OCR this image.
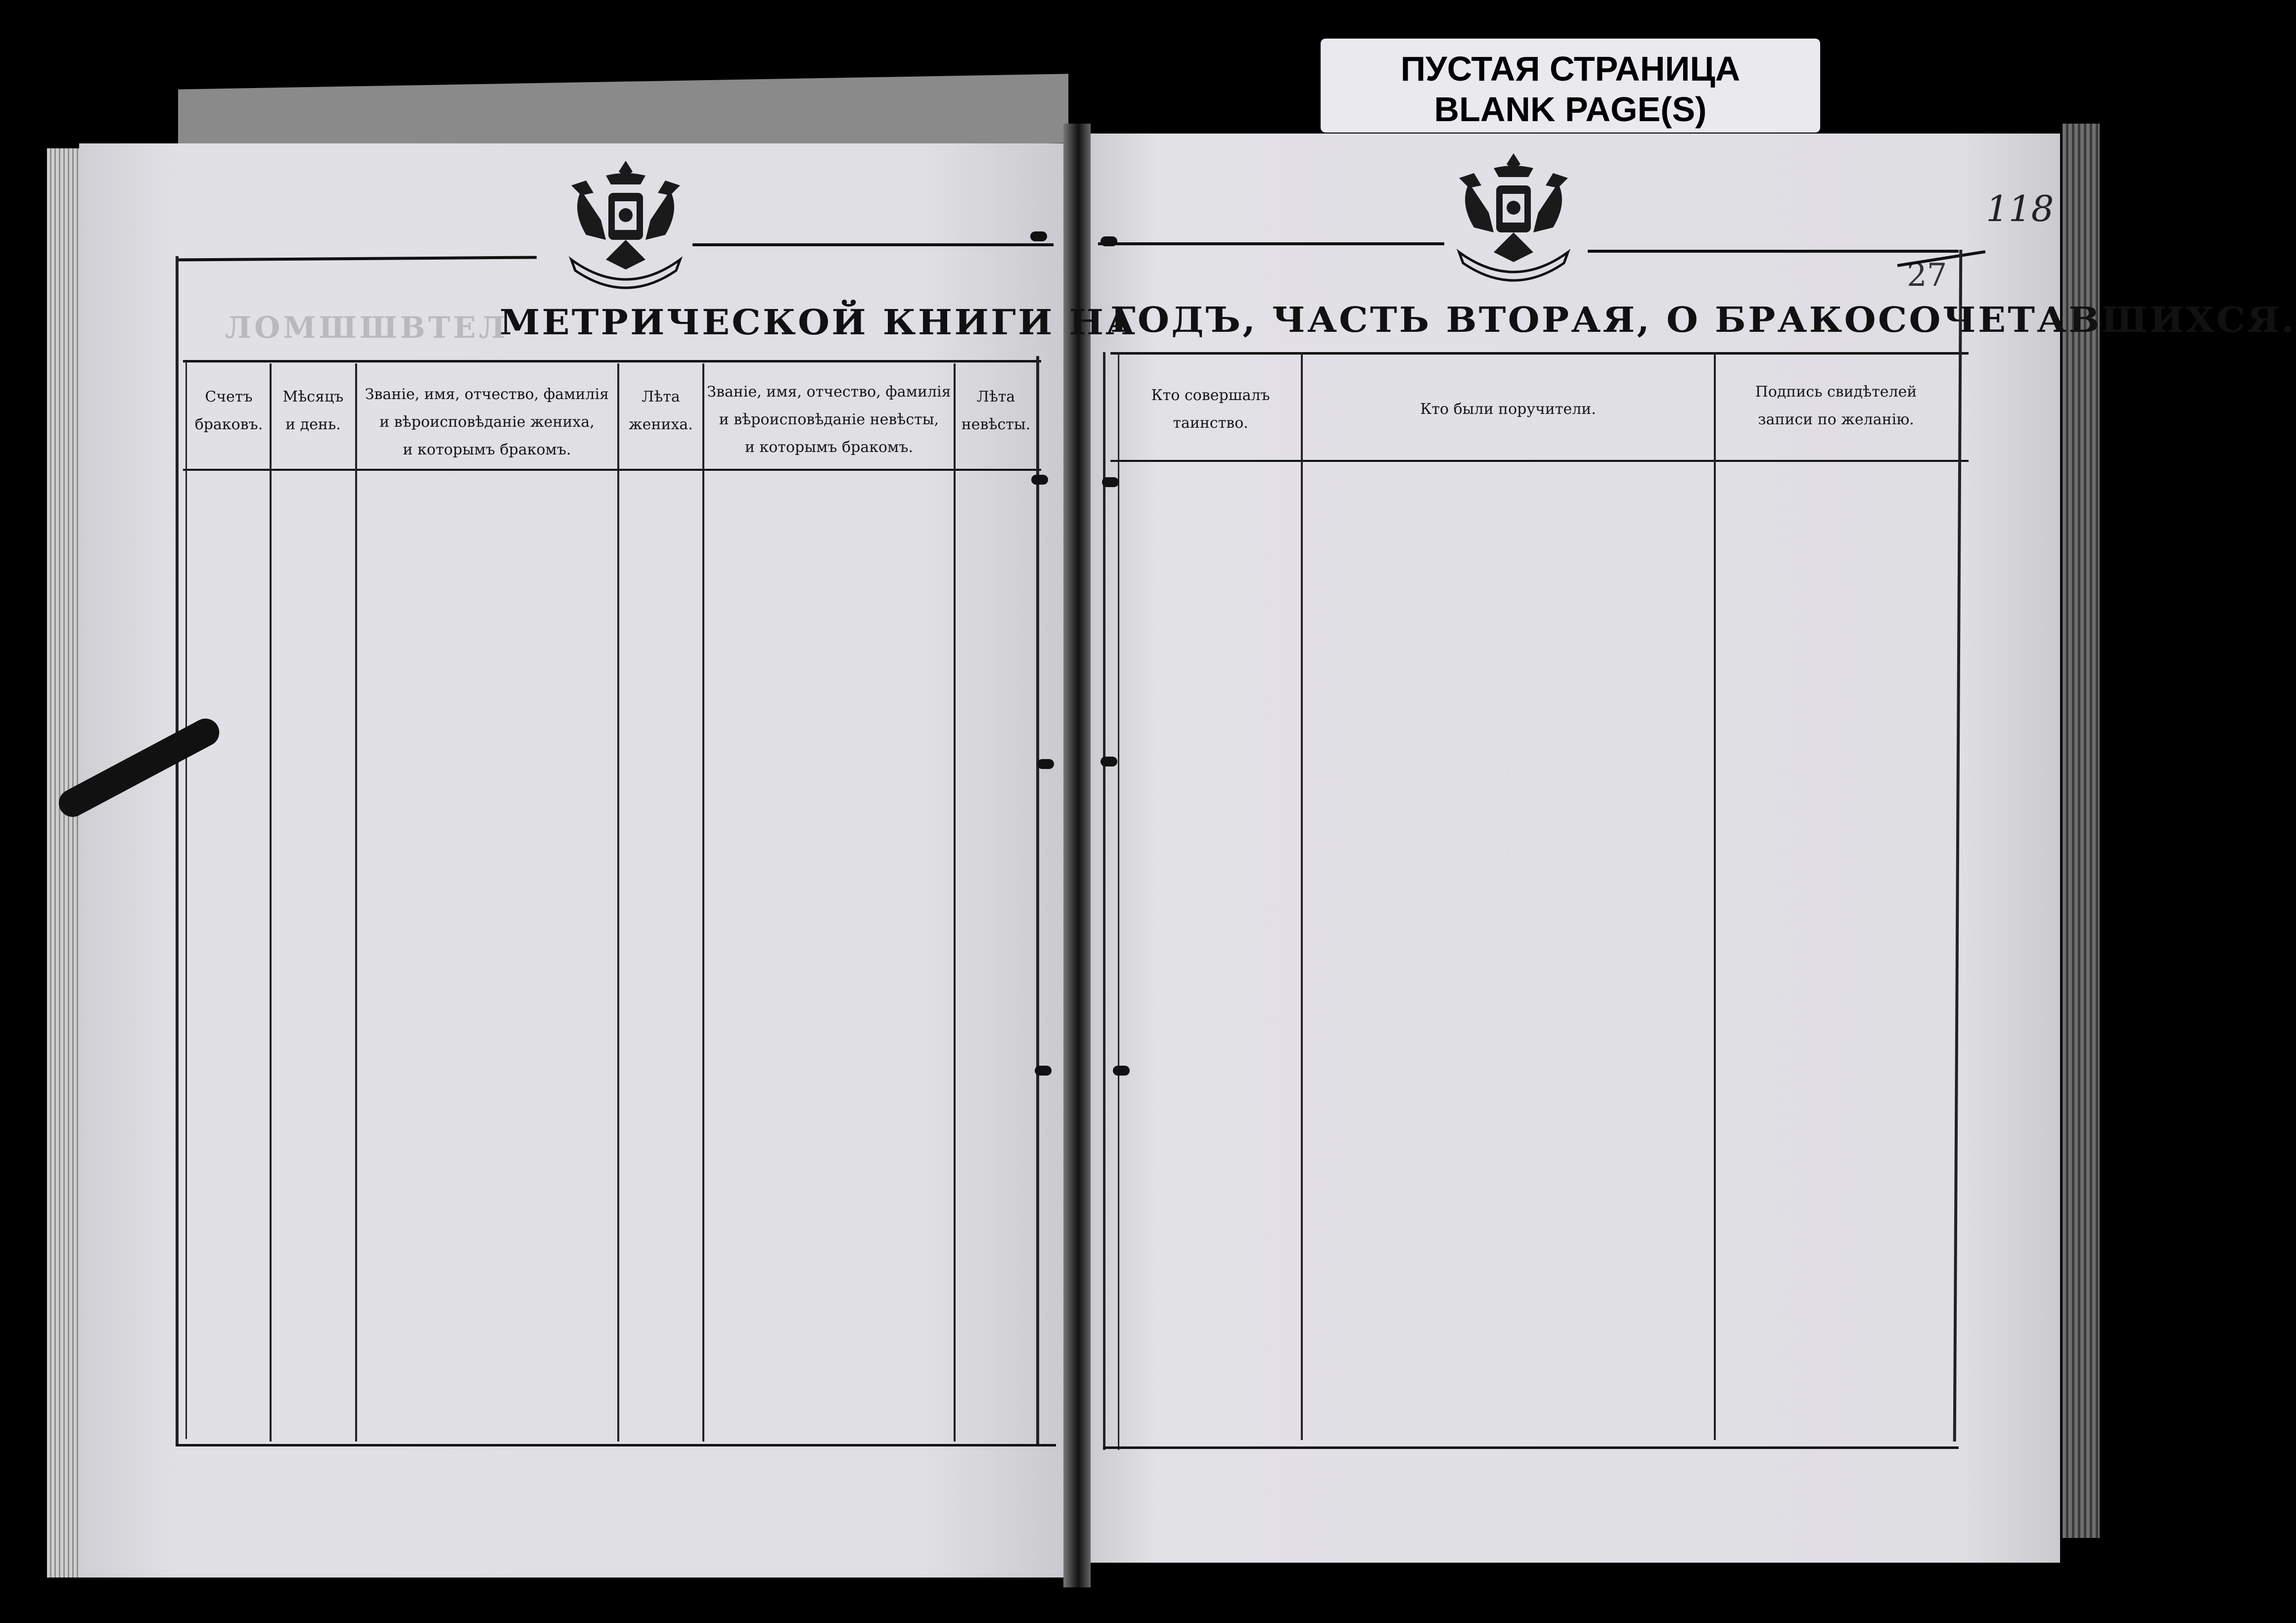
ПУСТАЯ СТРАНИЦА
BLANK PAGE(S)
118
27
ЛОМШШВТЕЛ
МЕТРИЧЕСКОЙ КНИГИ НА
ГОДЪ, ЧАСТЬ ВТОРАЯ, О БРАКОСОЧЕТАВШИХСЯ.
Счетъ
браковъ.
Мѣсяцъ
и день.
Званіе, имя, отчество, фамилія
и вѣроисповѣданіе жениха,
и которымъ бракомъ.
Лѣта
жениха.
Званіе, имя, отчество, фамилія
и вѣроисповѣданіе невѣсты,
и которымъ бракомъ.
Лѣта
невѣсты.
Кто совершалъ
таинство.
Кто были поручители.
Подпись свидѣтелей
записи по желанію.
